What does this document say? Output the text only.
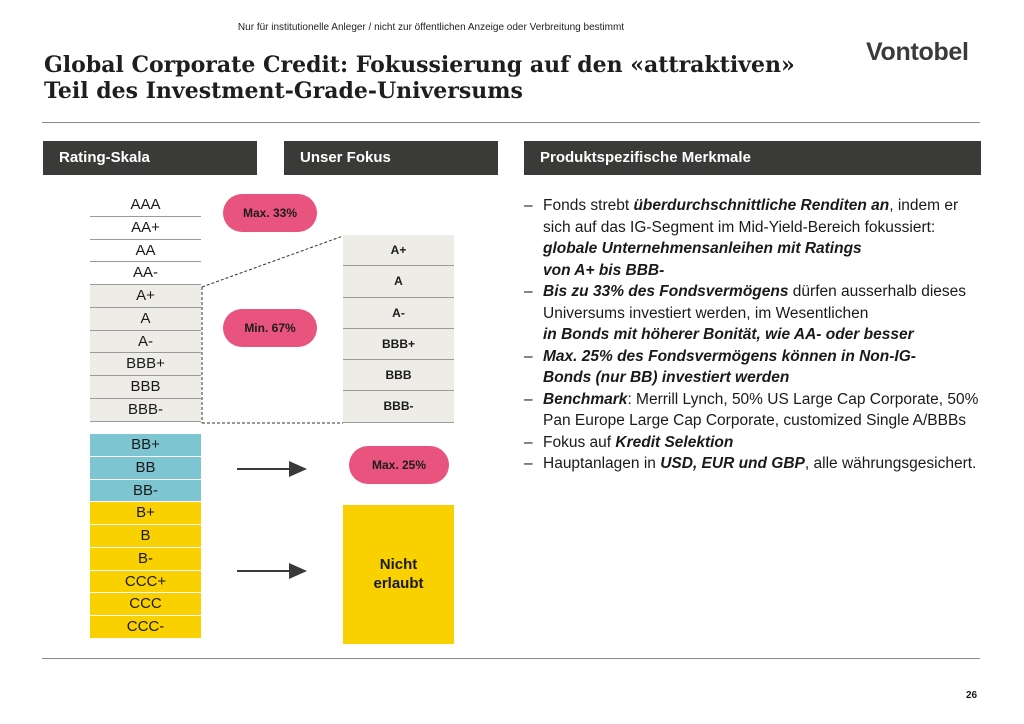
Nur für institutionelle Anleger / nicht zur öffentlichen Anzeige oder Verbreitung bestimmt
Vontobel
Global Corporate Credit: Fokussierung auf den «attraktiven»
Teil des Investment-Grade-Universums
Rating-Skala	Unser Fokus	Produktspezifische Merkmale
AAA
AA+
AA
AA-
A+
A
A-
BBB+
BBB
BBB-
BB+
BB
BB-
B+
B
B-
CCC+
CCC
CCC-
Max. 33%
Min. 67%
Max. 25%
A+
A
A-
BBB+
BBB
BBB-
Nicht
erlaubt
– Fonds strebt überdurchschnittliche Renditen an, indem er sich auf das IG-Segment im Mid-Yield-Bereich fokussiert: globale Unternehmensanleihen mit Ratings
von A+ bis BBB-
– Bis zu 33% des Fondsvermögens dürfen ausserhalb dieses Universums investiert werden, im Wesentlichen
in Bonds mit höherer Bonität, wie AA- oder besser
– Max. 25% des Fondsvermögens können in Non-IG-
Bonds (nur BB) investiert werden
– Benchmark: Merrill Lynch, 50% US Large Cap Corporate, 50% Pan Europe Large Cap Corporate, customized Single A/BBBs
– Fokus auf Kredit Selektion
– Hauptanlagen in USD, EUR und GBP, alle währungsgesichert.
26
